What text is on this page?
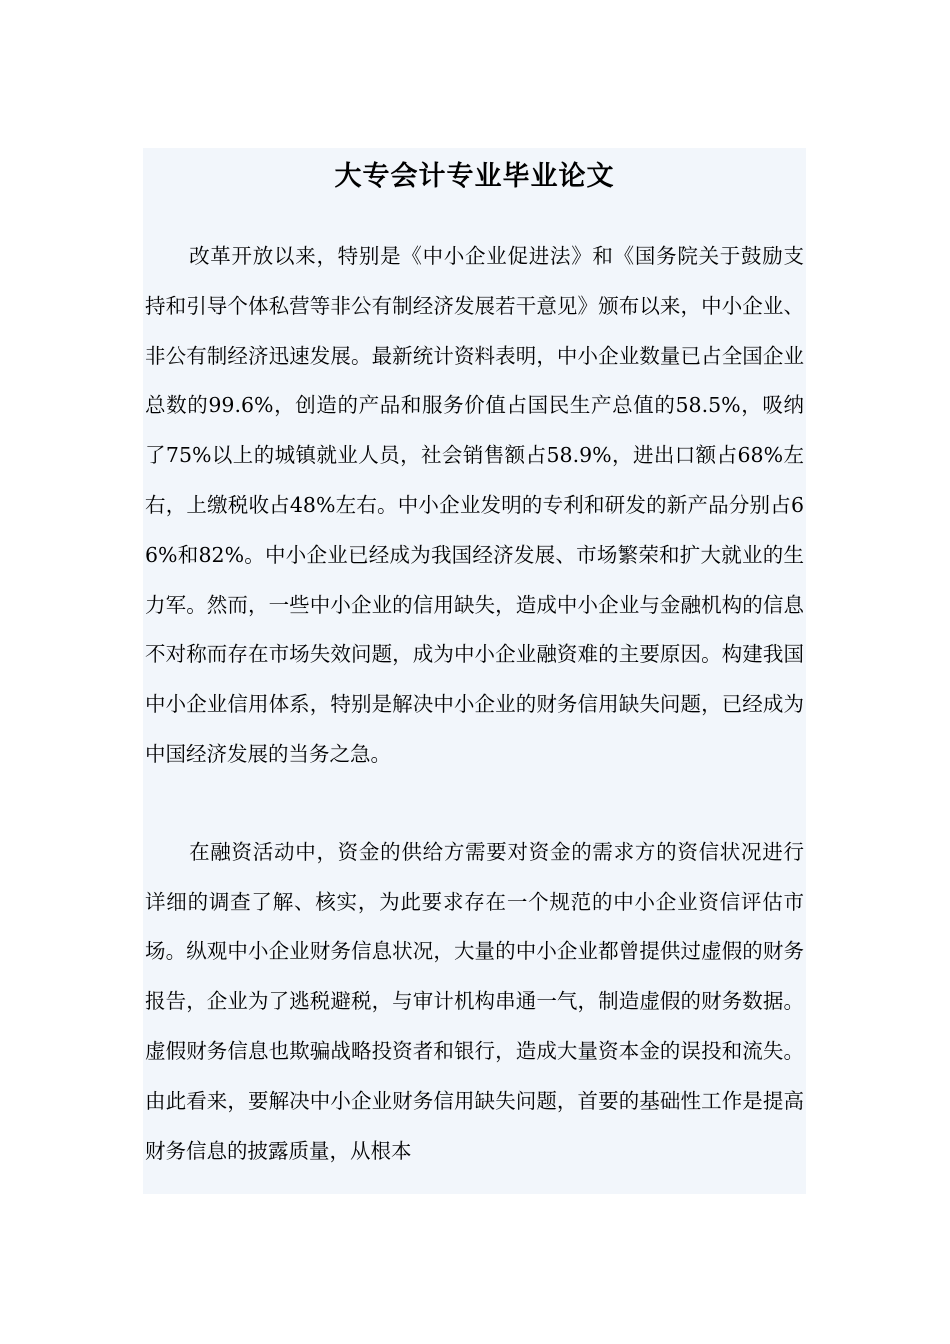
大专会计专业毕业论文

改革开放以来，特别是《中小企业促进法》和《国务院关于鼓励支持和引导个体私营等非公有制经济发展若干意见》颁布以来，中小企业、非公有制经济迅速发展。最新统计资料表明，中小企业数量已占全国企业总数的99.6%，创造的产品和服务价值占国民生产总值的58.5%，吸纳了75%以上的城镇就业人员，社会销售额占58.9%，进出口额占68%左右，上缴税收占48%左右。中小企业发明的专利和研发的新产品分别占66%和82%。中小企业已经成为我国经济发展、市场繁荣和扩大就业的生力军。然而，一些中小企业的信用缺失，造成中小企业与金融机构的信息不对称而存在市场失效问题，成为中小企业融资难的主要原因。构建我国中小企业信用体系，特别是解决中小企业的财务信用缺失问题，已经成为中国经济发展的当务之急。

在融资活动中，资金的供给方需要对资金的需求方的资信状况进行详细的调查了解、核实，为此要求存在一个规范的中小企业资信评估市场。纵观中小企业财务信息状况，大量的中小企业都曾提供过虚假的财务报告，企业为了逃税避税，与审计机构串通一气，制造虚假的财务数据。虚假财务信息也欺骗战略投资者和银行，造成大量资本金的误投和流失。由此看来，要解决中小企业财务信用缺失问题，首要的基础性工作是提高财务信息的披露质量，从根本
